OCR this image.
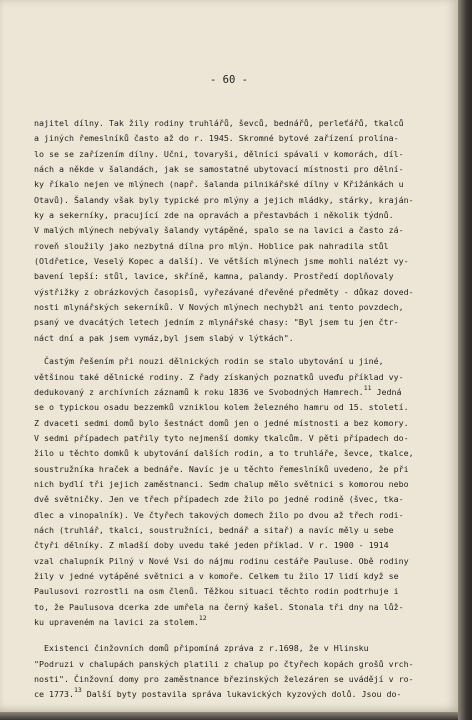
- 60 -
najitel dílny. Tak žily rodiny truhlářů, ševců, bednářů, perleťářů, tkalců
a jiných řemeslníků často až do r. 1945. Skromné bytové zařízení prolína-
lo se se zařízením dílny. Učni, tovaryši, dělníci spávali v komorách, díl-
nách a někde v šalandách, jak se samostatné ubytovací místnosti pro dělní-
ky říkalo nejen ve mlýnech (např. šalanda pilnikářské dílny v Křižánkách u
Otavů). Šalandy však byly typické pro mlýny a jejich mládky, stárky, kraján-
ky a sekerníky, pracující zde na opravách a přestavbách i několik týdnů.
V malých mlýnech nebývaly šalandy vytápěné, spalo se na lavici a často zá-
roveň sloužily jako nezbytná dílna pro mlýn. Hoblice pak nahradila stůl
(Oldřetice, Veselý Kopec a další). Ve větších mlýnech jsme mohli nalézt vy-
bavení lepší: stůl, lavice, skříně, kamna, palandy. Prostředí doplňovaly
výstřižky z obrázkových časopisů, vyřezávané dřevěné předměty - důkaz doved-
nosti mlynářských sekerníků. V Nových mlýnech nechybžl ani tento povzdech,
psaný ve dvacátých letech jedním z mlynářské chasy: "Byl jsem tu jen čtr-
náct dní a pak jsem vymáz,byl jsem slabý v lýtkách".
Častým řešením při nouzi dělnických rodin se stalo ubytování u jiné,
většinou také dělnické rodiny. Z řady získaných poznatků uveďu příklad vy-
dedukovaný z archívních záznamů k roku 1836 ve Svobodných Hamrech.$^{11}$ Jedná
se o typickou osadu bezzemků vzniklou kolem železného hamru od 15. století.
Z dvaceti sedmi domů bylo šestnáct domů jen o jedné místnosti a bez komory.
V sedmi případech patřily tyto nejmenší domky tkalcům. V pěti případech do-
žilo u těchto domků k ubytování dalších rodin, a to truhláře, ševce, tkalce,
soustružníka hraček a bednáře. Navíc je u těchto řemeslníků uvedeno, že při
nich bydlí tři jejich zaměstnanci. Sedm chalup mělo světnici s komorou nebo
dvě světničky. Jen ve třech případech zde žilo po jedné rodině (švec, tka-
dlec a vinopalník). Ve čtyřech takových domech žilo po dvou až třech rodi-
nách (truhlář, tkalci, soustružníci, bednář a sitař) a navíc měly u sebe
čtyři dělníky. Z mladší doby uvedu také jeden příklad. V r. 1900 - 1914
vzal chalupník Pilný v Nové Vsi do nájmu rodinu cestáře Paulusе. Obě rodiny
žily v jedné vytápěné světnici a v komoře. Celkem tu žilo 17 lidí když se
Paulusovi rozrostli na osm členů. Těžkou situaci těchto rodin podtrhuje i
to, že Paulusova dcerka zde umřela na černý kašel. Stonala tři dny na lůž-
ku upraveném na lavici za stolem.$^{12}$
Existenci činžovních domů připomíná zpráva z r.1698, že v Hlinsku
"Podruzi v chalupách panských platili z chalup po čtyřech kopách grošů vrch-
nosti". Činžovní domy pro zaměstnance březinských železáren se uvádějí v ro-
ce 1773.13 Další byty postavila správa lukavických kyzových dolů. Jsou do-
